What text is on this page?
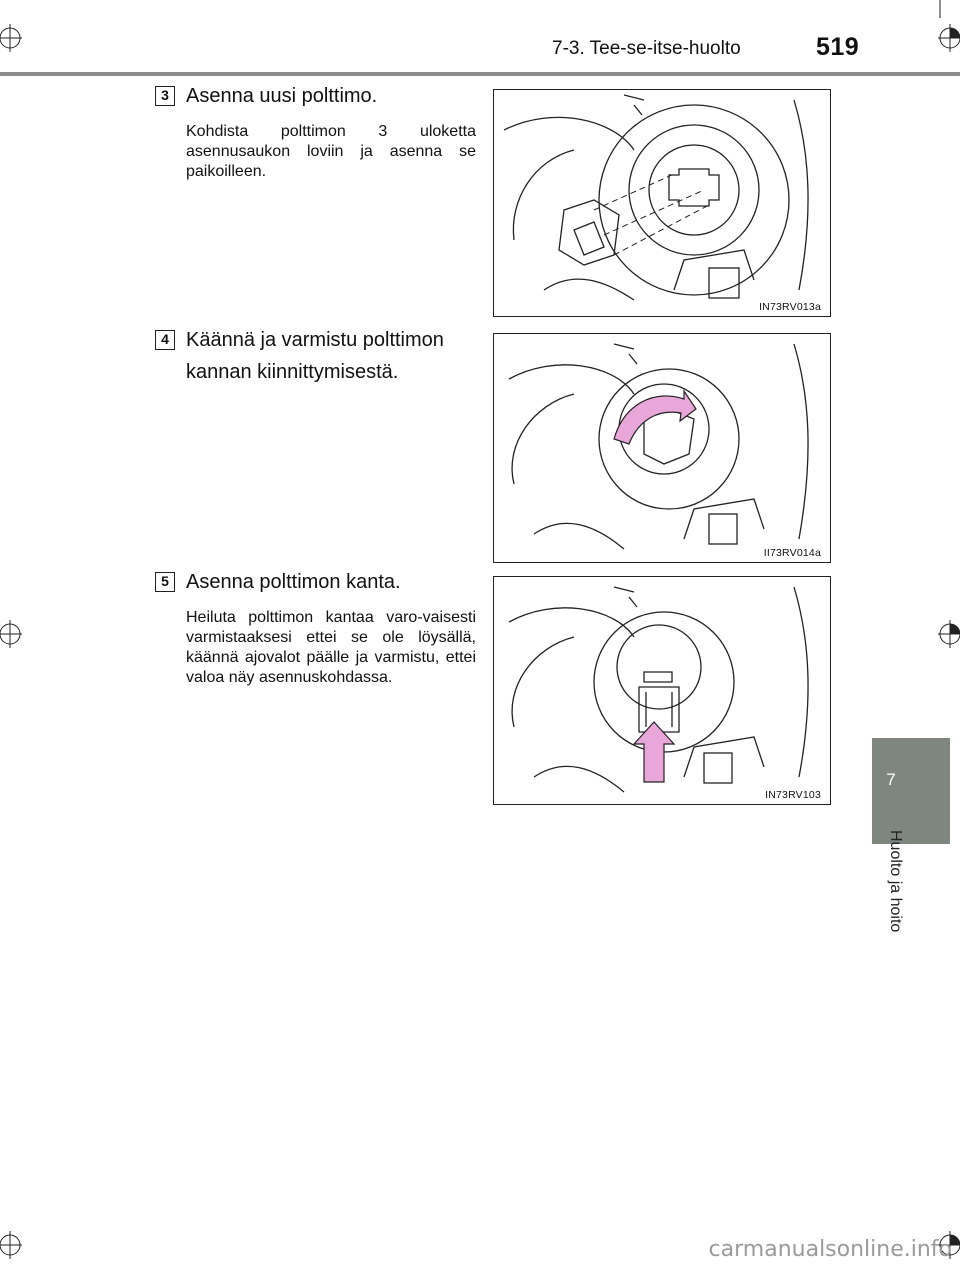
7-3. Tee-se-itse-huolto	519
7
Huolto ja hoito
3 Asenna uusi polttimo.
Kohdista polttimon 3 uloketta asennusaukon loviin ja asenna se paikoilleen.
IN73RV013a
4 Käännä ja varmistu polttimon kannan kiinnittymisestä.
II73RV014a
5 Asenna polttimon kanta.
Heiluta polttimon kantaa varo-vaisesti varmistaaksesi ettei se ole löysällä, käännä ajovalot päälle ja varmistu, ettei valoa näy asennuskohdassa.
IN73RV103
carmanualsonline.info
